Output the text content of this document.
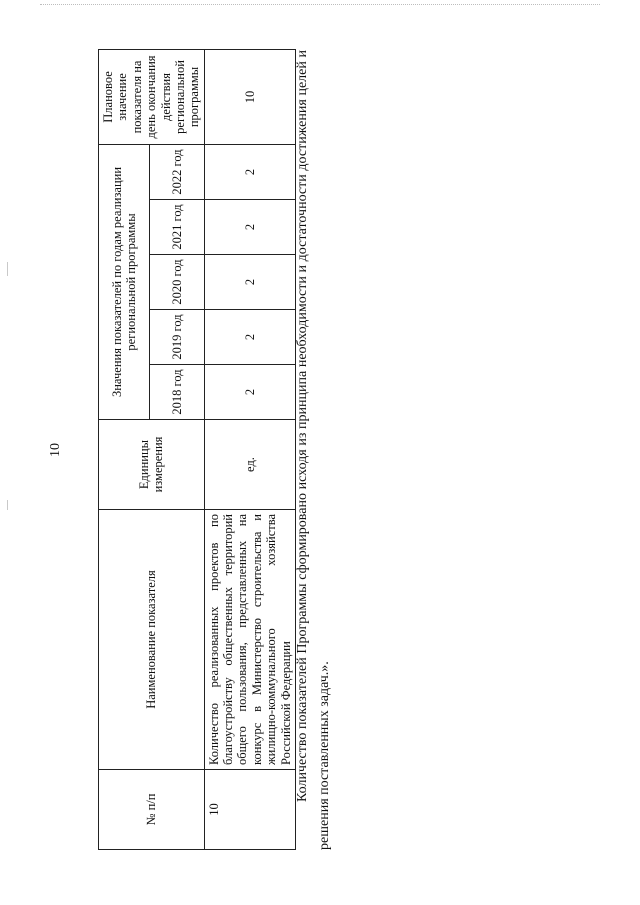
10
№ п/п	Наименование показателя	Единицы измерения	Значения показателей по годам реализации региональной программы					Плановое значение показателя на день окончания действия региональной программы
			2018 год	2019 год	2020 год	2021 год	2022 год	
10	Количество реализованных проектов по благоустройству общественных территорий общего пользования, представленных на конкурс в Министерство строительства и жилищно-коммунального хозяйства Российской Федерации	ед.	2	2	2	2	2	10	Количество показателей Программы сформировано исходя из принципа необходимости и достаточности достижения целей и решения поставленных задач.».
